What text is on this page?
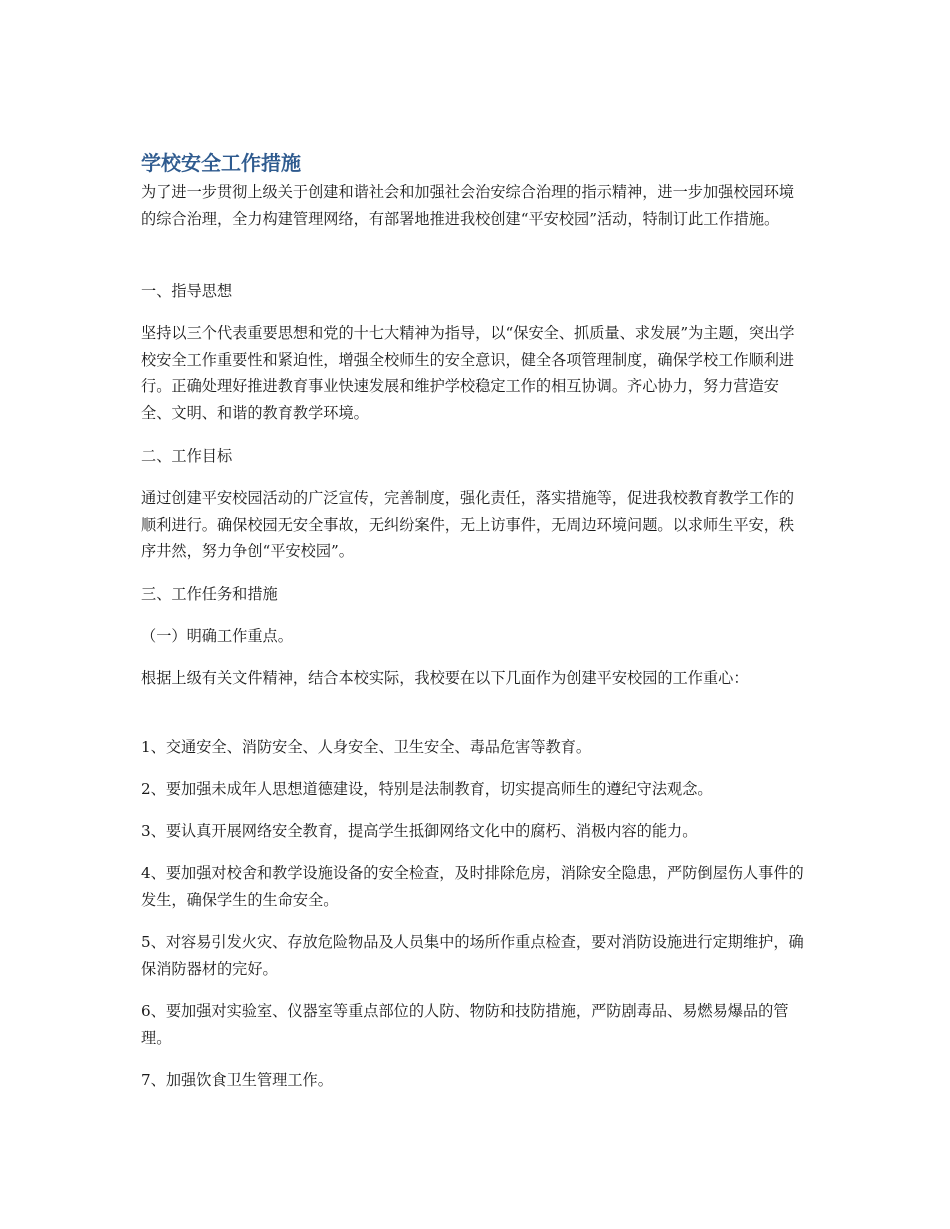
学校安全工作措施

为了进一步贯彻上级关于创建和谐社会和加强社会治安综合治理的指示精神，进一步加强校园环境的综合治理，全力构建管理网络，有部署地推进我校创建“平安校园”活动，特制订此工作措施。

一、指导思想

坚持以三个代表重要思想和党的十七大精神为指导，以“保安全、抓质量、求发展”为主题，突出学校安全工作重要性和紧迫性，增强全校师生的安全意识，健全各项管理制度，确保学校工作顺利进行。正确处理好推进教育事业快速发展和维护学校稳定工作的相互协调。齐心协力，努力营造安全、文明、和谐的教育教学环境。

二、工作目标

通过创建平安校园活动的广泛宣传，完善制度，强化责任，落实措施等，促进我校教育教学工作的顺利进行。确保校园无安全事故，无纠纷案件，无上访事件，无周边环境问题。以求师生平安，秩序井然，努力争创“平安校园”。

三、工作任务和措施

（一）明确工作重点。

根据上级有关文件精神，结合本校实际，我校要在以下几面作为创建平安校园的工作重心：

1、交通安全、消防安全、人身安全、卫生安全、毒品危害等教育。

2、要加强未成年人思想道德建设，特别是法制教育，切实提高师生的遵纪守法观念。

3、要认真开展网络安全教育，提高学生抵御网络文化中的腐朽、消极内容的能力。

4、要加强对校舍和教学设施设备的安全检查，及时排除危房，消除安全隐患，严防倒屋伤人事件的发生，确保学生的生命安全。

5、对容易引发火灾、存放危险物品及人员集中的场所作重点检查，要对消防设施进行定期维护，确保消防器材的完好。

6、要加强对实验室、仪器室等重点部位的人防、物防和技防措施，严防剧毒品、易燃易爆品的管理。

7、加强饮食卫生管理工作。
